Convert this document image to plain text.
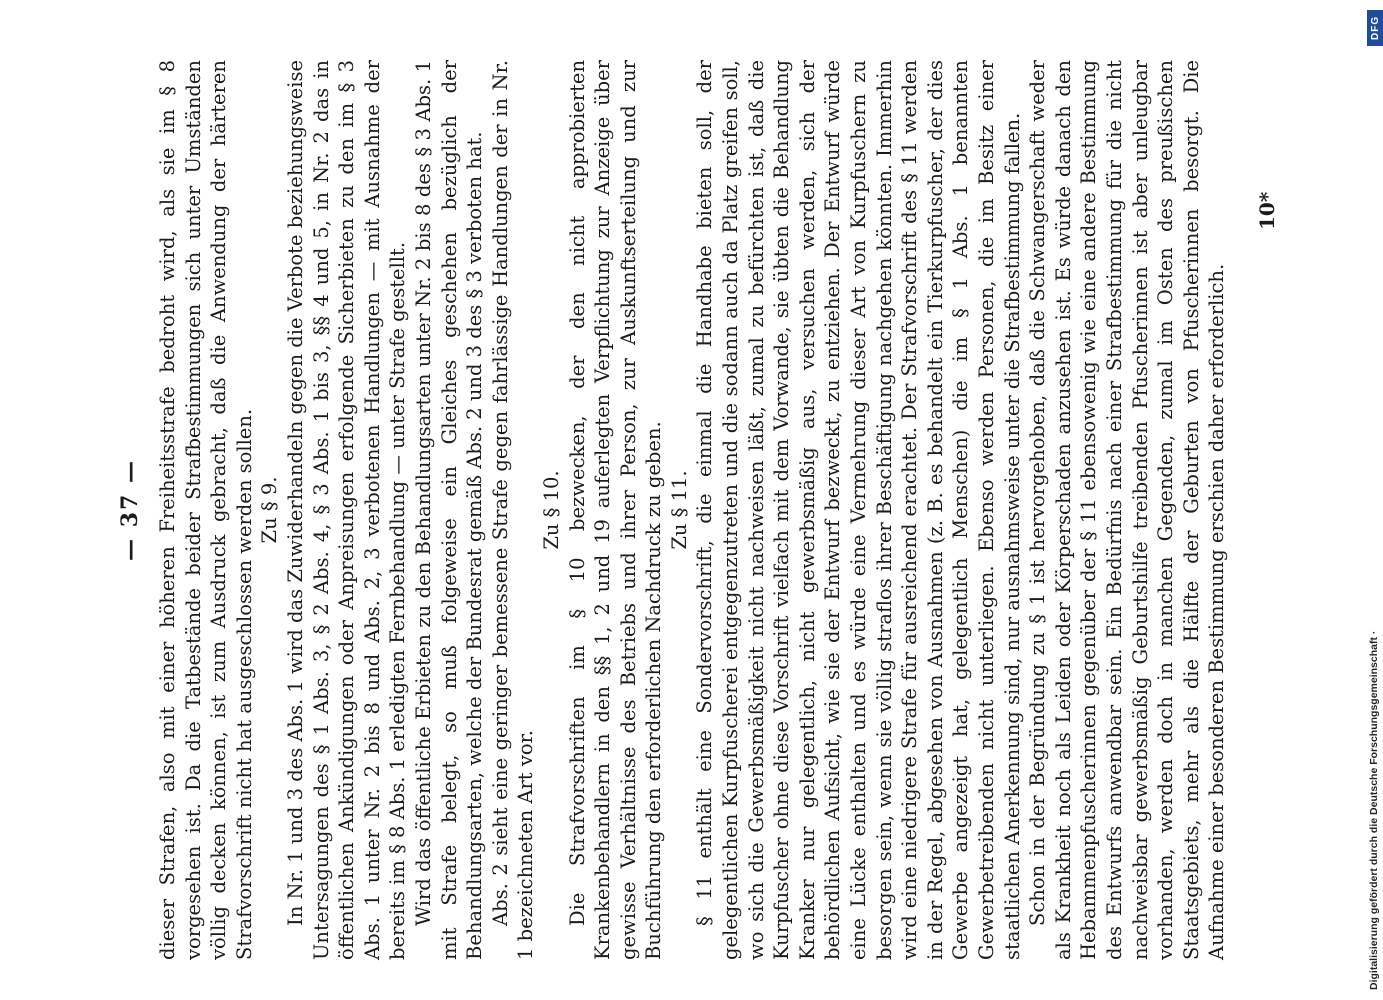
— 37 — dieser Strafen, also mit einer höheren Freiheitsstrafe bedroht wird, als sie im § 8 vorgesehen ist. Da die Tatbestände beider Strafbestimmungen sich unter Umständen völlig decken können, ist zum Ausdruck gebracht, daß die Anwendung der härteren Strafvorschrift nicht hat ausgeschlossen werden sollen. Zu § 9. In Nr. 1 und 3 des Abs. 1 wird das Zuwiderhandeln gegen die Verbote beziehungsweise Untersagungen des § 1 Abs. 3, § 2 Abs. 4, § 3 Abs. 1 bis 3, §§ 4 und 5, in Nr. 2 das in öffentlichen Ankündigungen oder Anpreisungen erfolgende Sicherbieten zu den im § 3 Abs. 1 unter Nr. 2 bis 8 und Abs. 2, 3 verbotenen Handlungen — mit Ausnahme der bereits im § 8 Abs. 1 erledigten Fernbehandlung — unter Strafe gestellt. Wird das öffentliche Erbieten zu den Behandlungsarten unter Nr. 2 bis 8 des § 3 Abs. 1 mit Strafe belegt, so muß folgeweise ein Gleiches geschehen bezüglich der Behandlungsarten, welche der Bundesrat gemäß Abs. 2 und 3 des § 3 verboten hat. Abs. 2 sieht eine geringer bemessene Strafe gegen fahrlässige Handlungen der in Nr. 1 bezeichneten Art vor.

Zu § 10. Die Strafvorschriften im § 10 bezwecken, der den nicht approbierten Krankenbehandlern in den §§ 1, 2 und 19 auferlegten Verpflichtung zur Anzeige über gewisse Verhältnisse des Betriebs und ihrer Person, zur Auskunftserteilung und zur Buchführung den erforderlichen Nachdruck zu geben. Zu § 11. § 11 enthält eine Sondervorschrift, die einmal die Handhabe bieten soll, der gelegentlichen Kurpfuscherei entgegenzutreten und die sodann auch da Platz greifen soll, wo sich die Gewerbsmäßigkeit nicht nachweisen läßt, zumal zu befürchten ist, daß die Kurpfuscher ohne diese Vorschrift vielfach mit dem Vorwande, sie übten die Behandlung Kranker nur gelegentlich, nicht gewerbsmäßig aus, versuchen werden, sich der behördlichen Aufsicht, wie sie der Entwurf bezweckt, zu entziehen. Der Entwurf würde eine Lücke enthalten und es würde eine Vermehrung dieser Art von Kurpfuschern zu besorgen sein, wenn sie völlig straflos ihrer Beschäftigung nachgehen könnten. Immerhin wird eine niedrigere Strafe für ausreichend erachtet. Der Strafvorschrift des § 11 werden in der Regel, abgesehen von Ausnahmen (z. B. es behandelt ein Tierkurpfuscher, der dies Gewerbe angezeigt hat, gelegentlich Menschen) die im § 1 Abs. 1 benannten Gewerbetreibenden nicht unterliegen. Ebenso werden Personen, die im Besitz einer staatlichen Anerkennung sind, nur ausnahmsweise unter die Strafbestimmung fallen. Schon in der Begründung zu § 1 ist hervorgehoben, daß die Schwangerschaft weder als Krankheit noch als Leiden oder Körperschaden anzusehen ist. Es würde danach den Hebammenpfuscherinnen gegenüber der § 11 ebensowenig wie eine andere Bestimmung des Entwurfs anwendbar sein. Ein Bedürfnis nach einer Strafbestimmung für die nicht nachweisbar gewerbsmäßig Geburtshilfe treibenden Pfuscherinnen ist aber unleugbar vorhanden, werden doch in manchen Gegenden, zumal im Osten des preußischen Staatsgebiets, mehr als die Hälfte der Geburten von Pfuscherinnen besorgt. Die Aufnahme einer besonderen Bestimmung erschien daher erforderlich.

10*
DFG
Digitalisierung gefördert durch die Deutsche Forschungsgemeinschaft ·
